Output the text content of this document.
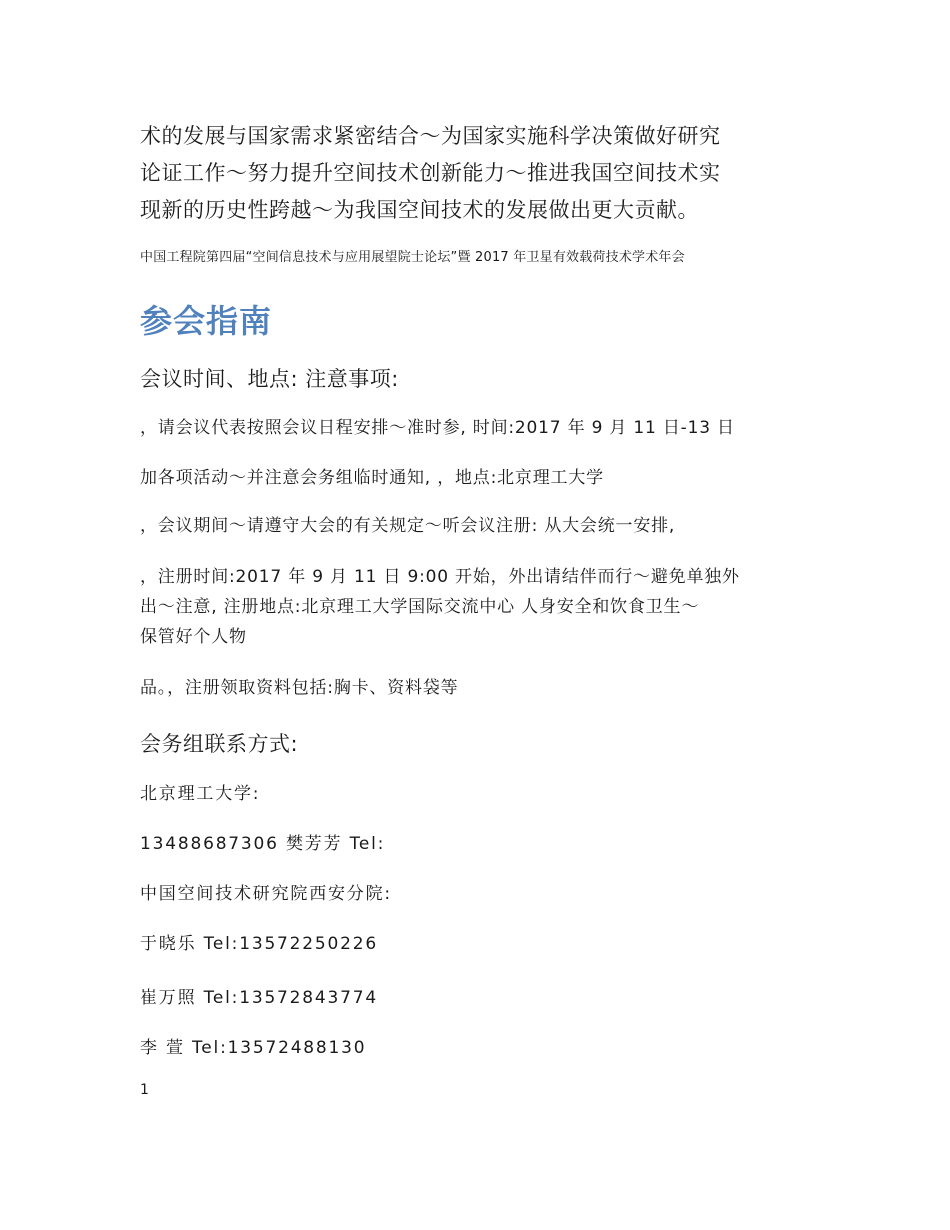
术的发展与国家需求紧密结合～为国家实施科学决策做好研究

论证工作～努力提升空间技术创新能力～推进我国空间技术实

现新的历史性跨越～为我国空间技术的发展做出更大贡献。

中国工程院第四届“空间信息技术与应用展望院士论坛”暨 2017 年卫星有效载荷技术学术年会

参会指南

会议时间、地点: 注意事项:

，请会议代表按照会议日程安排～准时参, 时间:2017 年 9 月 11 日-13 日

加各项活动～并注意会务组临时通知, ，地点:北京理工大学

，会议期间～请遵守大会的有关规定～听会议注册: 从大会统一安排,

，注册时间:2017 年 9 月 11 日 9:00 开始，外出请结伴而行～避免单独外

出～注意, 注册地点:北京理工大学国际交流中心 人身安全和饮食卫生～

保管好个人物

品。，注册领取资料包括:胸卡、资料袋等

会务组联系方式:

北京理工大学:

13488687306 樊芳芳 Tel:

中国空间技术研究院西安分院:

于晓乐 Tel:13572250226

崔万照 Tel:13572843774

李 萱 Tel:13572488130

1
